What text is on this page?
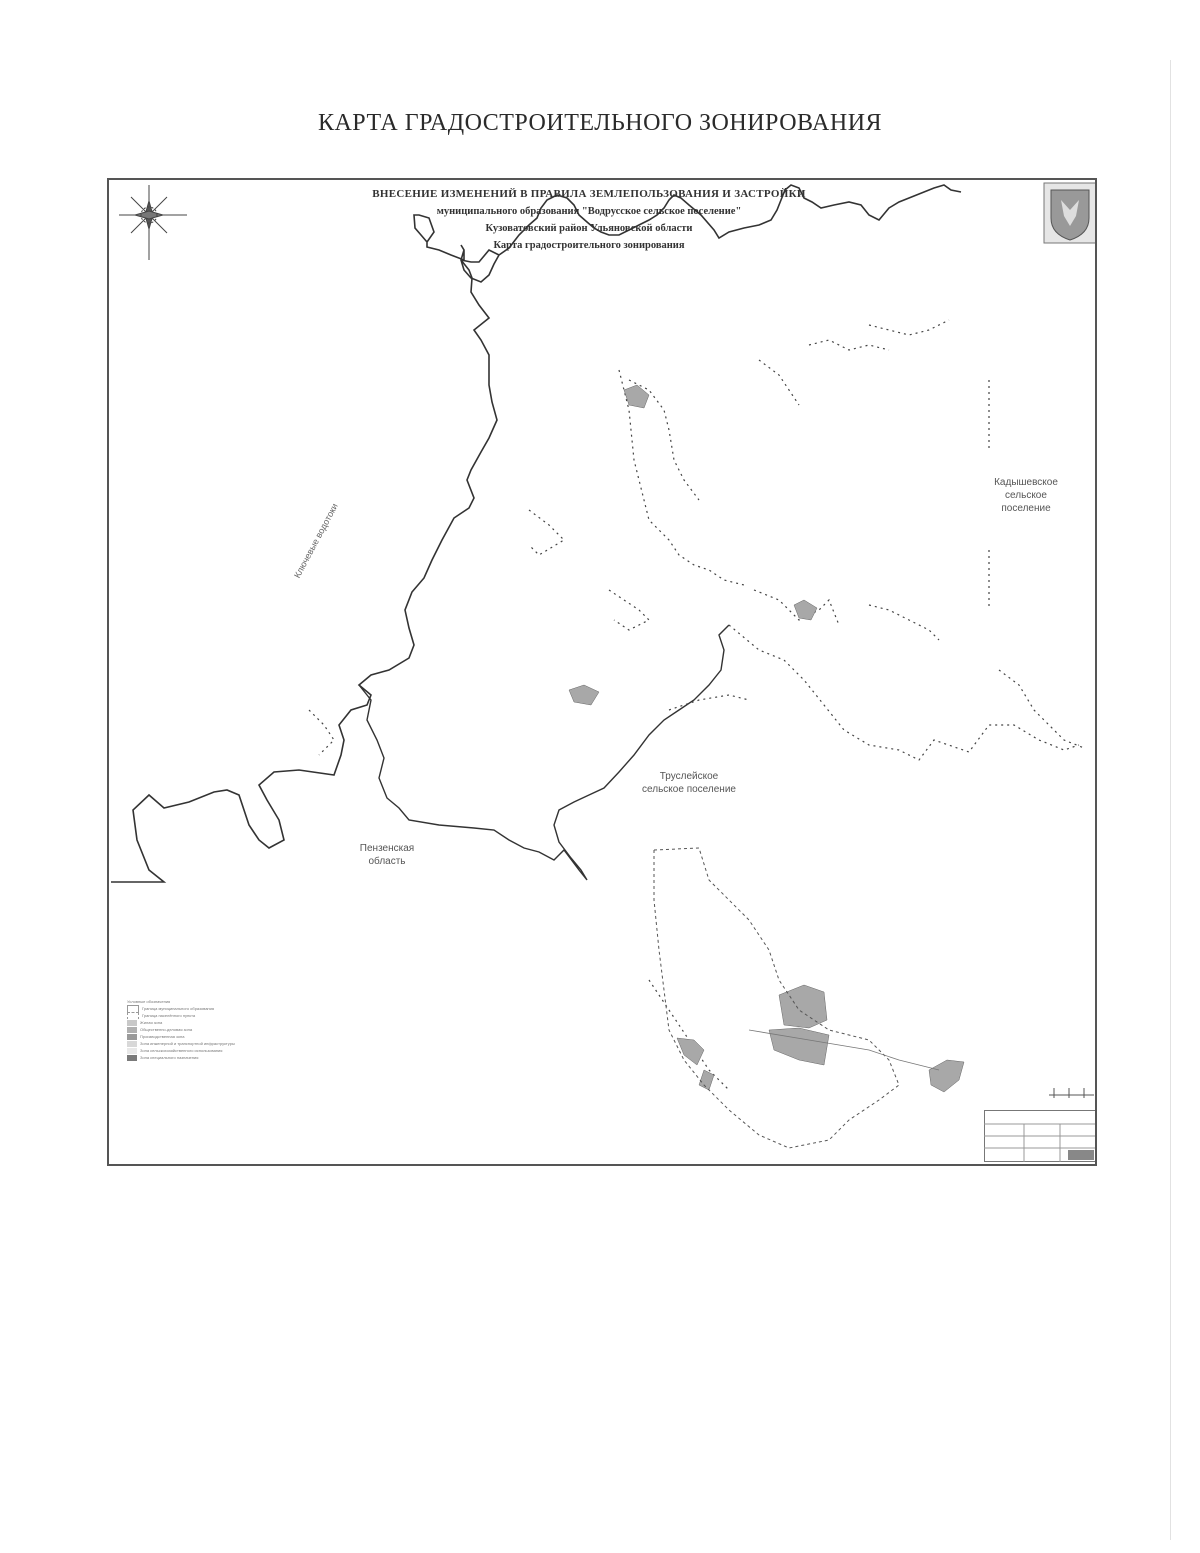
КАРТА ГРАДОСТРОИТЕЛЬНОГО ЗОНИРОВАНИЯ
ВНЕСЕНИЕ ИЗМЕНЕНИЙ В ПРАВИЛА ЗЕМЛЕПОЛЬЗОВАНИЯ И ЗАСТРОЙКИ
муниципального образования "Водрусское сельское поселение"
Кузоватовский район Ульяновской области
Карта градостроительного зонирования
Кадышевское
сельское
поселение
Труслейское
сельское поселение
Пензенская
область
Ключевые водотоки
Условные обозначения
Граница муниципального образования
Граница населённого пункта
Жилая зона
Общественно-деловая зона
Производственная зона
Зона инженерной и транспортной инфраструктуры
Зона сельскохозяйственного использования
Зона специального назначения
